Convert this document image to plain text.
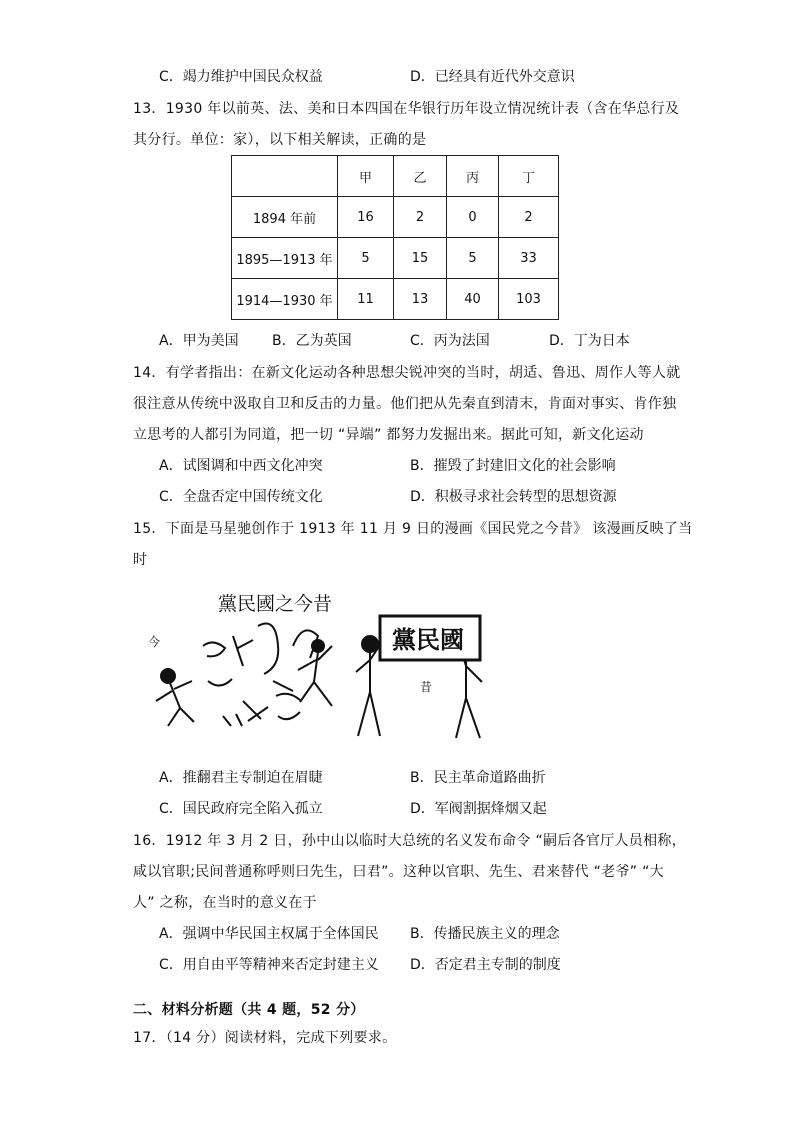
C．竭力维护中国民众权益	D．已经具有近代外交意识
13．1930 年以前英、法、美和日本四国在华银行历年设立情况统计表（含在华总行及
其分行。单位：家），以下相关解读，正确的是
	甲	乙	丙	丁
1894 年前	16	2	0	2
1895—1913 年	5	15	5	33
1914—1930 年	11	13	40	103
A．甲为美国 B．乙为英国	C．丙为法国	D．丁为日本
14．有学者指出：在新文化运动各种思想尖锐冲突的当时，胡适、鲁迅、周作人等人就
很注意从传统中汲取自卫和反击的力量。他们把从先秦直到清末，肯面对事实、肯作独
立思考的人都引为同道，把一切 “异端” 都努力发掘出来。据此可知，新文化运动
A．试图调和中西文化冲突	B．摧毁了封建旧文化的社会影响
C．全盘否定中国传统文化	D．积极寻求社会转型的思想资源
15．下面是马星驰创作于 1913 年 11 月 9 日的漫画《国民党之今昔》 该漫画反映了当
时
黨民國之今昔
今	黨民國
昔
A．推翻君主专制迫在眉睫	B．民主革命道路曲折
C．国民政府完全陷入孤立	D．军阀割据烽烟又起
16．1912 年 3 月 2 日，孙中山以临时大总统的名义发布命令 “嗣后各官厅人员相称，
咸以官职;民间普通称呼则曰先生，曰君”。这种以官职、先生、君来替代 “老爷” “大
人” 之称，在当时的意义在于
A．强调中华民国主权属于全体国民 B．传播民族主义的理念
C．用自由平等精神来否定封建主义 D．否定君主专制的制度
二、材料分析题（共 4 题，52 分）
17．（14 分）阅读材料，完成下列要求。
